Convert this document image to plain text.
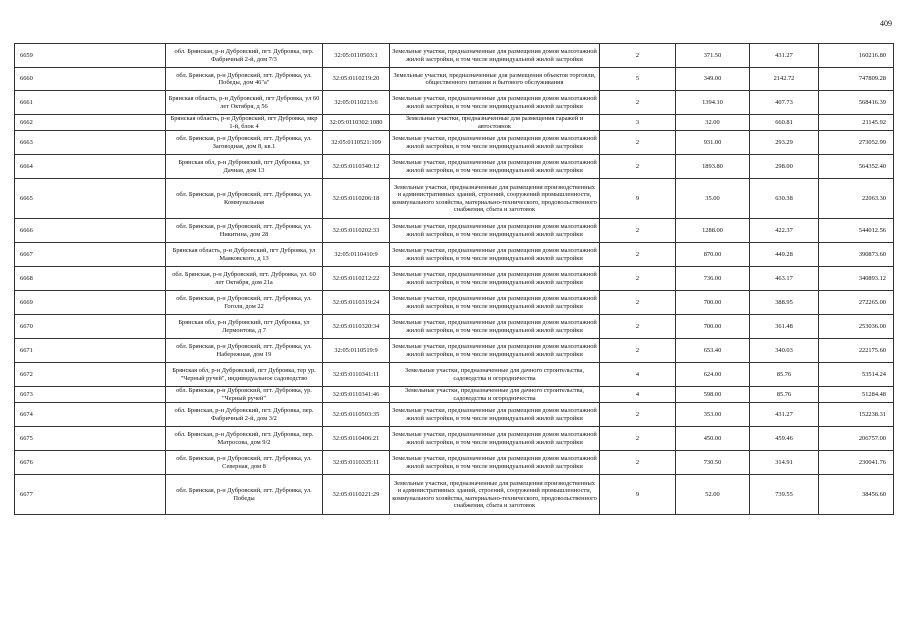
409
6659	обл. Брянская, р-н Дубровский, пгт. Дубровка, пер. Фабричный 2-й, дом 7/3	32:05:0110503:1	Земельные участки, предназначенные для размещения домов малоэтажной жилой застройки, в том числе индивидуальной жилой застройки	2	371.50	431.27	160216.80
6660	обл. Брянская, р-н Дубровский, пгт. Дубровка, ул. Победы, дом 46"а"	32:05:0110219:20	Земельные участки, предназначенные для размещения объектов торговли, общественного питания и бытового обслуживания	5	349.00	2142.72	747809.28
6661	Брянская область, р-н Дубровский, пгт Дубровка, ул 60 лет Октября, д 56	32:05:0110213:6	Земельные участки, предназначенные для размещения домов малоэтажной жилой застройки, в том числе индивидуальной жилой застройки	2	1394.10	407.73	568416.39
6662	Брянская область, р-н Дубровский, пгт Дубровка, мкр 1-й, блок 4	32:05:0110302:1080	Земельные участки, предназначенные для размещения гаражей и автостоянок	3	32.00	660.81	21145.92
6663	обл. Брянская, р-н Дубровский, пгт. Дубровка, ул. Заговодная, дом 8, кв.1	32:05:0110521:109	Земельные участки, предназначенные для размещения домов малоэтажной жилой застройки, в том числе индивидуальной жилой застройки	2	931.00	293.29	273052.99
6664	Брянская обл, р-н Дубровский, пгт Дубровка, ул Дачная, дом 13	32:05:0110340:12	Земельные участки, предназначенные для размещения домов малоэтажной жилой застройки, в том числе индивидуальной жилой застройки	2	1893.80	298.00	564352.40
6665	обл. Брянская, р-н Дубровский, пгт. Дубровка, ул. Коммунальная	32:05:0110206:18	Земельные участки, предназначенные для размещения производственных и административных зданий, строений, сооружений промышленности, коммунального хозяйства, материально-технического, продовольственного снабжения, сбыта и заготовок	9	35.00	630.38	22063.30
6666	обл. Брянская, р-н Дубровский, пгт. Дубровка, ул. Никитина, дом 28	32:05:0110202:33	Земельные участки, предназначенные для размещения домов малоэтажной жилой застройки, в том числе индивидуальной жилой застройки	2	1288.00	422.37	544012.56
6667	Брянская область, р-н Дубровский, пгт Дубровка, ул Маяковского, д 13	32:05:0110410:9	Земельные участки, предназначенные для размещения домов малоэтажной жилой застройки, в том числе индивидуальной жилой застройки	2	870.00	449.28	390873.60
6668	обл. Брянская, р-н Дубровский, пгт. Дубровка, ул. 60 лет Октября, дом 21а	32:05:0110212:22	Земельные участки, предназначенные для размещения домов малоэтажной жилой застройки, в том числе индивидуальной жилой застройки	2	736.00	463.17	340893.12
6669	обл. Брянская, р-н Дубровский, пгт. Дубровка, ул. Гоголя, дом 22	32:05:0110319:24	Земельные участки, предназначенные для размещения домов малоэтажной жилой застройки, в том числе индивидуальной жилой застройки	2	700.00	388.95	272265.00
6670	Брянская обл, р-н Дубровский, пгт Дубровка, ул Лермонтова, д 7	32:05:0110320:34	Земельные участки, предназначенные для размещения домов малоэтажной жилой застройки, в том числе индивидуальной жилой застройки	2	700.00	361.48	253036.00
6671	обл. Брянская, р-н Дубровский, пгт. Дубровка, ул. Набережная, дом 19	32:05:0110519:9	Земельные участки, предназначенные для размещения домов малоэтажной жилой застройки, в том числе индивидуальной жилой застройки	2	653.40	340.03	222175.60
6672	Брянская обл, р-н Дубровский, пгт Дубровка, тер ур. "Черный ручей", индивидуальное садоводство	32:05:0110341:11	Земельные участки, предназначенные для дачного строительства, садоводства и огородничества	4	624.00	85.76	53514.24
6673	обл. Брянская, р-н Дубровский, пгт. Дубровка, ур. "Черный ручей"	32:05:0110341:46	Земельные участки, предназначенные для дачного строительства, садоводства и огородничества	4	598.00	85.76	51284.48
6674	обл. Брянская, р-н Дубровский, пгт. Дубровка, пер. Фабричный 2-й, дом 3/2	32:05:0110503:35	Земельные участки, предназначенные для размещения домов малоэтажной жилой застройки, в том числе индивидуальной жилой застройки	2	353.00	431.27	152238.31
6675	обл. Брянская, р-н Дубровский, пгт. Дубровка, пер. Матросова, дом 9/2	32:05:0110406:21	Земельные участки, предназначенные для размещения домов малоэтажной жилой застройки, в том числе индивидуальной жилой застройки	2	450.00	459.46	206757.00
6676	обл. Брянская, р-н Дубровский, пгт. Дубровка, ул. Северная, дом 8	32:05:0110335:11	Земельные участки, предназначенные для размещения домов малоэтажной жилой застройки, в том числе индивидуальной жилой застройки	2	730.50	314.91	230041.76
6677	обл. Брянская, р-н Дубровский, пгт. Дубровка, ул. Победы	32:05:0110221:29	Земельные участки, предназначенные для размещения производственных и административных зданий, строений, сооружений промышленности, коммунального хозяйства, материально-технического, продовольственного снабжения, сбыта и заготовок	9	52.00	739.55	38456.60
